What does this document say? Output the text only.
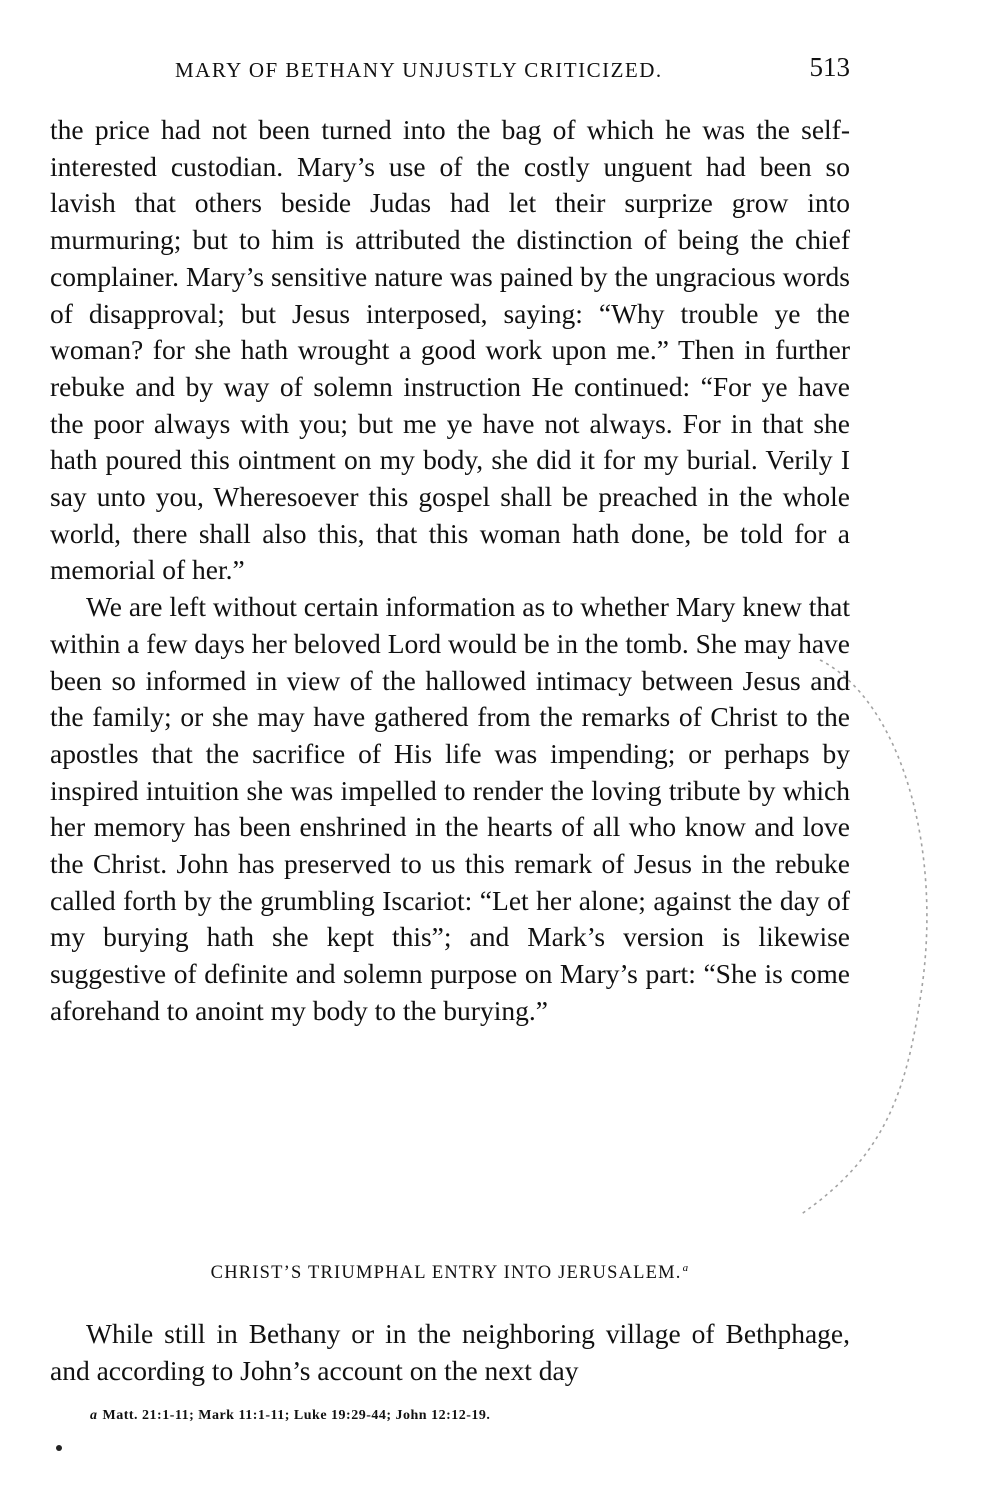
MARY OF BETHANY UNJUSTLY CRITICIZED.	513

the price had not been turned into the bag of which he was the self-interested custodian. Mary’s use of the costly unguent had been so lavish that others beside Judas had let their surprize grow into murmuring; but to him is attributed the distinction of being the chief complainer. Mary’s sensitive nature was pained by the ungracious words of disapproval; but Jesus interposed, saying: “Why trouble ye the woman? for she hath wrought a good work upon me.” Then in further rebuke and by way of solemn instruction He continued: “For ye have the poor always with you; but me ye have not always. For in that she hath poured this ointment on my body, she did it for my burial. Verily I say unto you, Wheresoever this gospel shall be preached in the whole world, there shall also this, that this woman hath done, be told for a memorial of her.”

We are left without certain information as to whether Mary knew that within a few days her beloved Lord would be in the tomb. She may have been so informed in view of the hallowed intimacy between Jesus and the family; or she may have gathered from the remarks of Christ to the apostles that the sacrifice of His life was impending; or perhaps by inspired intuition she was impelled to render the loving tribute by which her memory has been enshrined in the hearts of all who know and love the Christ. John has preserved to us this remark of Jesus in the rebuke called forth by the grumbling Iscariot: “Let her alone; against the day of my burying hath she kept this”; and Mark’s version is likewise suggestive of definite and solemn purpose on Mary’s part: “She is come aforehand to anoint my body to the burying.”

CHRIST’S TRIUMPHAL ENTRY INTO JERUSALEM.$^a$

While still in Bethany or in the neighboring village of Bethphage, and according to John’s account on the next day

a Matt. 21:1-11; Mark 11:1-11; Luke 19:29-44; John 12:12-19.
